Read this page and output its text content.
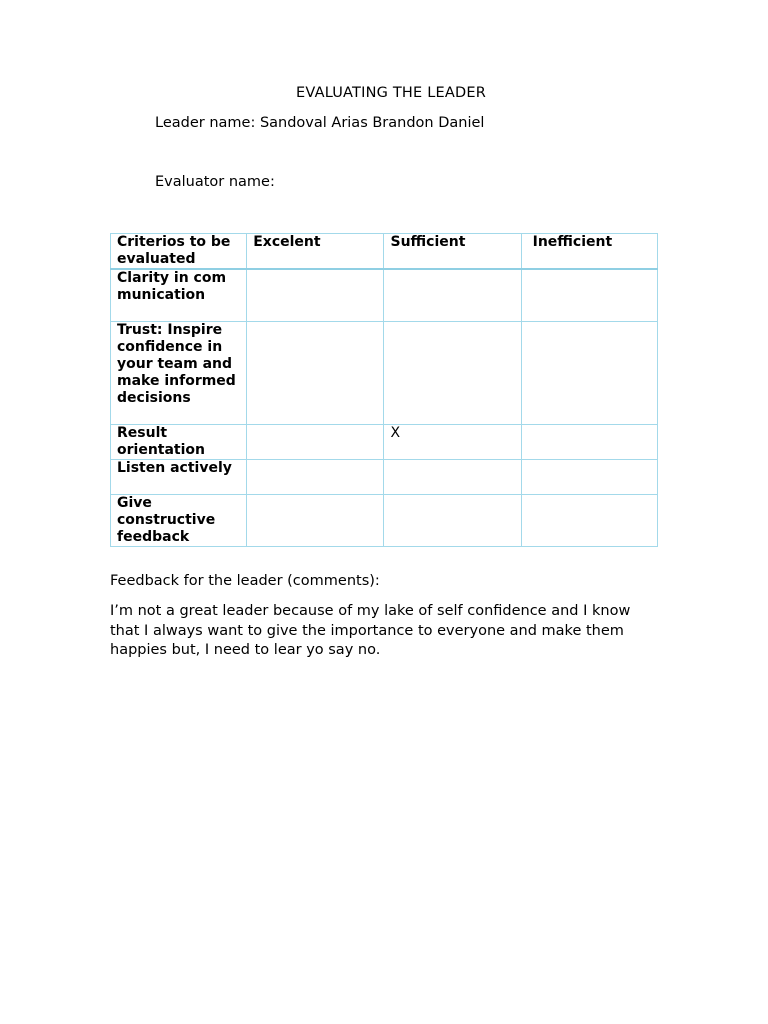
EVALUATING THE LEADER
Leader name: Sandoval Arias Brandon Daniel
Evaluator name:
Criterios to be evaluated	Excelent	Sufficient	Inefficient
Clarity in communication			
Trust: Inspire confidence in your team and make informed decisions			
Result orientation		X	
Listen actively			
Give constructive feedback			
Feedback for the leader (comments):
I’m not a great leader because of my lake of self confidence and I know that I always want to give the importance to everyone and make them happies but, I need to lear yo say no.
